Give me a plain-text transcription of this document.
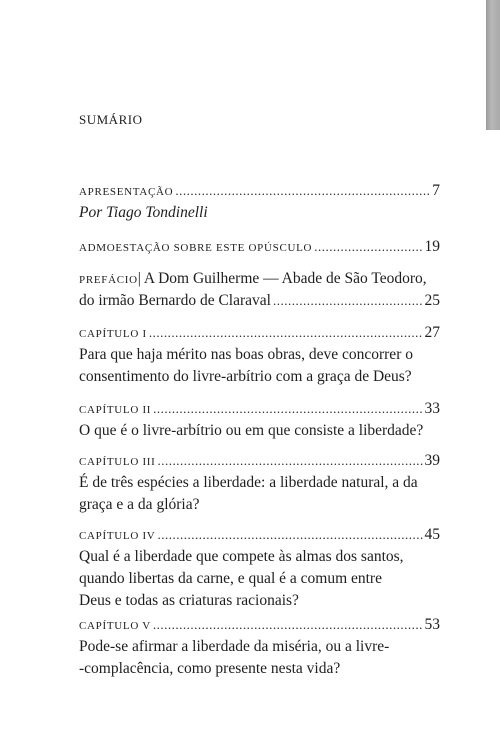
SUMÁRIO
APRESENTAÇÃO .....	7
Por Tiago Tondinelli
ADMOESTAÇÃO SOBRE ESTE OPÚSCULO .....	19
PREFÁCIO | A Dom Guilherme — Abade de São Teodoro,
do irmão Bernardo de Claraval .....	25
CAPÍTULO I .....	27
Para que haja mérito nas boas obras, deve concorrer o
consentimento do livre-arbítrio com a graça de Deus?
CAPÍTULO II .....	33
O que é o livre-arbítrio ou em que consiste a liberdade?
CAPÍTULO III .....	39
É de três espécies a liberdade: a liberdade natural, a da
graça e a da glória?
CAPÍTULO IV .....	45
Qual é a liberdade que compete às almas dos santos,
quando libertas da carne, e qual é a comum entre
Deus e todas as criaturas racionais?
CAPÍTULO V .....	53
Pode-se afirmar a liberdade da miséria, ou a livre-
-complacência, como presente nesta vida?
